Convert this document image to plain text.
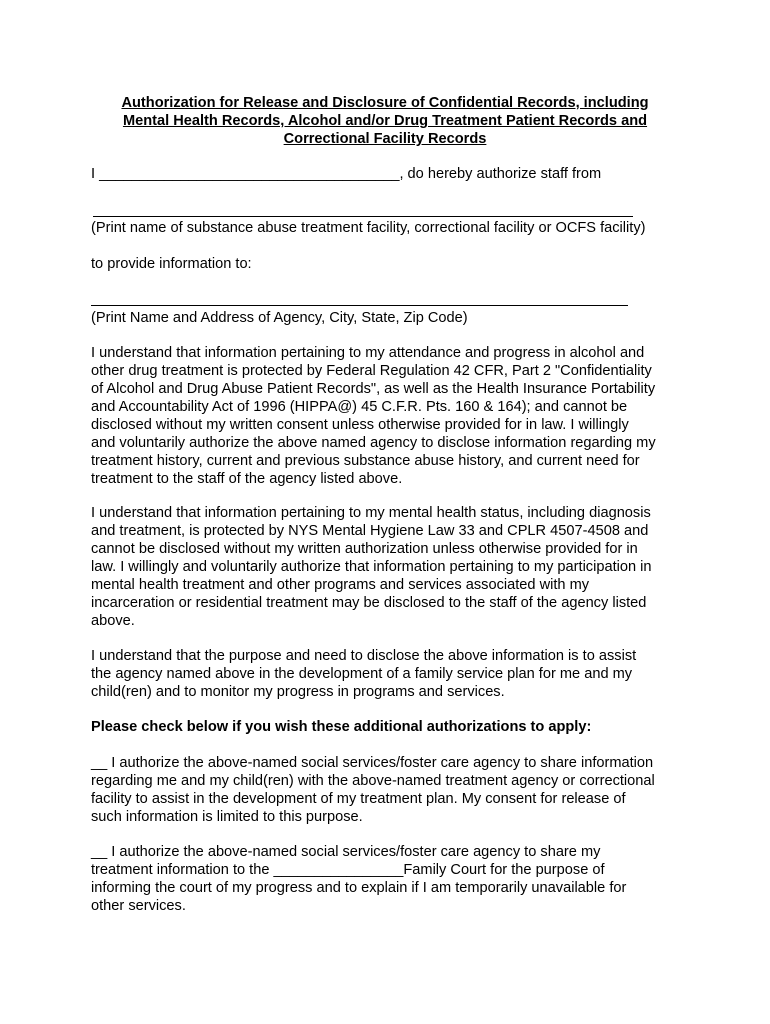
Authorization for Release and Disclosure of Confidential Records, including
Mental Health Records, Alcohol and/or Drug Treatment Patient Records and
Correctional Facility Records
I _____________________________________, do hereby authorize staff from
(Print name of substance abuse treatment facility, correctional facility or OCFS facility)
to provide information to:
(Print Name and Address of Agency, City, State, Zip Code)
I understand that information pertaining to my attendance and progress in alcohol and
other drug treatment is protected by Federal Regulation 42 CFR, Part 2 "Confidentiality
of Alcohol and Drug Abuse Patient Records", as well as the Health Insurance Portability
and Accountability Act of 1996 (HIPPA@) 45 C.F.R. Pts. 160 & 164); and cannot be
disclosed without my written consent unless otherwise provided for in law. I willingly
and voluntarily authorize the above named agency to disclose information regarding my
treatment history, current and previous substance abuse history, and current need for
treatment to the staff of the agency listed above.
I understand that information pertaining to my mental health status, including diagnosis
and treatment, is protected by NYS Mental Hygiene Law 33 and CPLR 4507-4508 and
cannot be disclosed without my written authorization unless otherwise provided for in
law. I willingly and voluntarily authorize that information pertaining to my participation in
mental health treatment and other programs and services associated with my
incarceration or residential treatment may be disclosed to the staff of the agency listed
above.
I understand that the purpose and need to disclose the above information is to assist
the agency named above in the development of a family service plan for me and my
child(ren) and to monitor my progress in programs and services.
Please check below if you wish these additional authorizations to apply:
__ I authorize the above-named social services/foster care agency to share information
regarding me and my child(ren) with the above-named treatment agency or correctional
facility to assist in the development of my treatment plan. My consent for release of
such information is limited to this purpose.
__ I authorize the above-named social services/foster care agency to share my
treatment information to the ________________Family Court for the purpose of
informing the court of my progress and to explain if I am temporarily unavailable for
other services.
